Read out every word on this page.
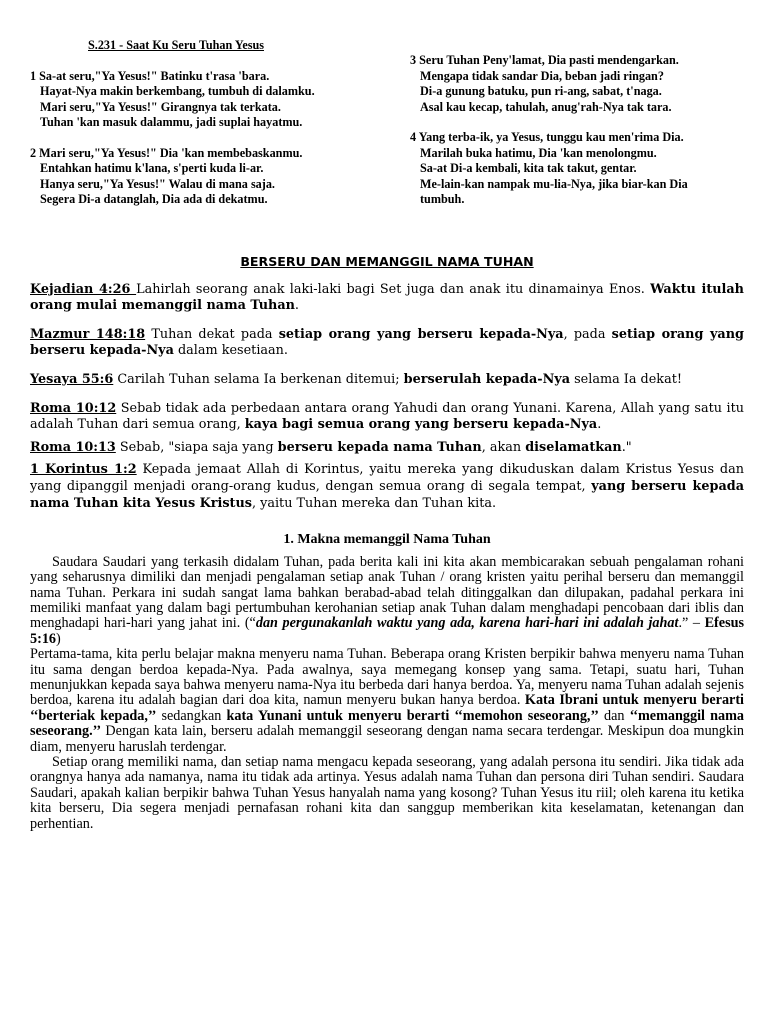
S.231 - Saat Ku Seru Tuhan Yesus
1 Sa-at seru,"Ya Yesus!" Batinku t'rasa 'bara.
Hayat-Nya makin berkembang, tumbuh di dalamku.
Mari seru,"Ya Yesus!" Girangnya tak terkata.
Tuhan 'kan masuk dalammu, jadi suplai hayatmu.
2 Mari seru,"Ya Yesus!" Dia 'kan membebaskanmu.
Entahkan hatimu k'lana, s'perti kuda li-ar.
Hanya seru,"Ya Yesus!" Walau di mana saja.
Segera Di-a datanglah, Dia ada di dekatmu.
3 Seru Tuhan Peny'lamat, Dia pasti mendengarkan.
Mengapa tidak sandar Dia, beban jadi ringan?
Di-a gunung batuku, pun ri-ang, sabat, t'naga.
Asal kau kecap, tahulah, anug'rah-Nya tak tara.
4 Yang terba-ik, ya Yesus, tunggu kau men'rima Dia.
Marilah buka hatimu, Dia 'kan menolongmu.
Sa-at Di-a kembali, kita tak takut, gentar.
Me-lain-kan nampak mu-lia-Nya, jika biar-kan Dia
tumbuh.
BERSERU DAN MEMANGGIL NAMA TUHAN

Kejadian 4:26 Lahirlah seorang anak laki-laki bagi Set juga dan anak itu dinamainya Enos. Waktu itulah orang mulai memanggil nama Tuhan.

Mazmur 148:18 Tuhan dekat pada setiap orang yang berseru kepada-Nya, pada setiap orang yang berseru kepada-Nya dalam kesetiaan.

Yesaya 55:6 Carilah Tuhan selama Ia berkenan ditemui; berserulah kepada-Nya selama Ia dekat!

Roma 10:12 Sebab tidak ada perbedaan antara orang Yahudi dan orang Yunani. Karena, Allah yang satu itu adalah Tuhan dari semua orang, kaya bagi semua orang yang berseru kepada-Nya.

Roma 10:13 Sebab, "siapa saja yang berseru kepada nama Tuhan, akan diselamatkan."

1 Korintus 1:2 Kepada jemaat Allah di Korintus, yaitu mereka yang dikuduskan dalam Kristus Yesus dan yang dipanggil menjadi orang-orang kudus, dengan semua orang di segala tempat, yang berseru kepada nama Tuhan kita Yesus Kristus, yaitu Tuhan mereka dan Tuhan kita.

1. Makna memanggil Nama Tuhan

Saudara Saudari yang terkasih didalam Tuhan, pada berita kali ini kita akan membicarakan sebuah pengalaman rohani yang seharusnya dimiliki dan menjadi pengalaman setiap anak Tuhan / orang kristen yaitu perihal berseru dan memanggil nama Tuhan. Perkara ini sudah sangat lama bahkan berabad-abad telah ditinggalkan dan dilupakan, padahal perkara ini memiliki manfaat yang dalam bagi pertumbuhan kerohanian setiap anak Tuhan dalam menghadapi pencobaan dari iblis dan menghadapi hari-hari yang jahat ini. (“dan pergunakanlah waktu yang ada, karena hari-hari ini adalah jahat.” – Efesus 5:16)

Pertama-tama, kita perlu belajar makna menyeru nama Tuhan. Beberapa orang Kristen berpikir bahwa menyeru nama Tuhan itu sama dengan berdoa kepada-Nya. Pada awalnya, saya memegang konsep yang sama. Tetapi, suatu hari, Tuhan menunjukkan kepada saya bahwa menyeru nama-Nya itu berbeda dari hanya berdoa. Ya, menyeru nama Tuhan adalah sejenis berdoa, karena itu adalah bagian dari doa kita, namun menyeru bukan hanya berdoa. Kata Ibrani untuk menyeru berarti ‘‘berteriak kepada,’’ sedangkan kata Yunani untuk menyeru berarti ‘‘memohon seseorang,’’ dan ‘‘memanggil nama seseorang.’’ Dengan kata lain, berseru adalah memanggil seseorang dengan nama secara terdengar. Meskipun doa mungkin diam, menyeru haruslah terdengar.

Setiap orang memiliki nama, dan setiap nama mengacu kepada seseorang, yang adalah persona itu sendiri. Jika tidak ada orangnya hanya ada namanya, nama itu tidak ada artinya. Yesus adalah nama Tuhan dan persona diri Tuhan sendiri. Saudara Saudari, apakah kalian berpikir bahwa Tuhan Yesus hanyalah nama yang kosong? Tuhan Yesus itu riil; oleh karena itu ketika kita berseru, Dia segera menjadi pernafasan rohani kita dan sanggup memberikan kita keselamatan, ketenangan dan perhentian.
